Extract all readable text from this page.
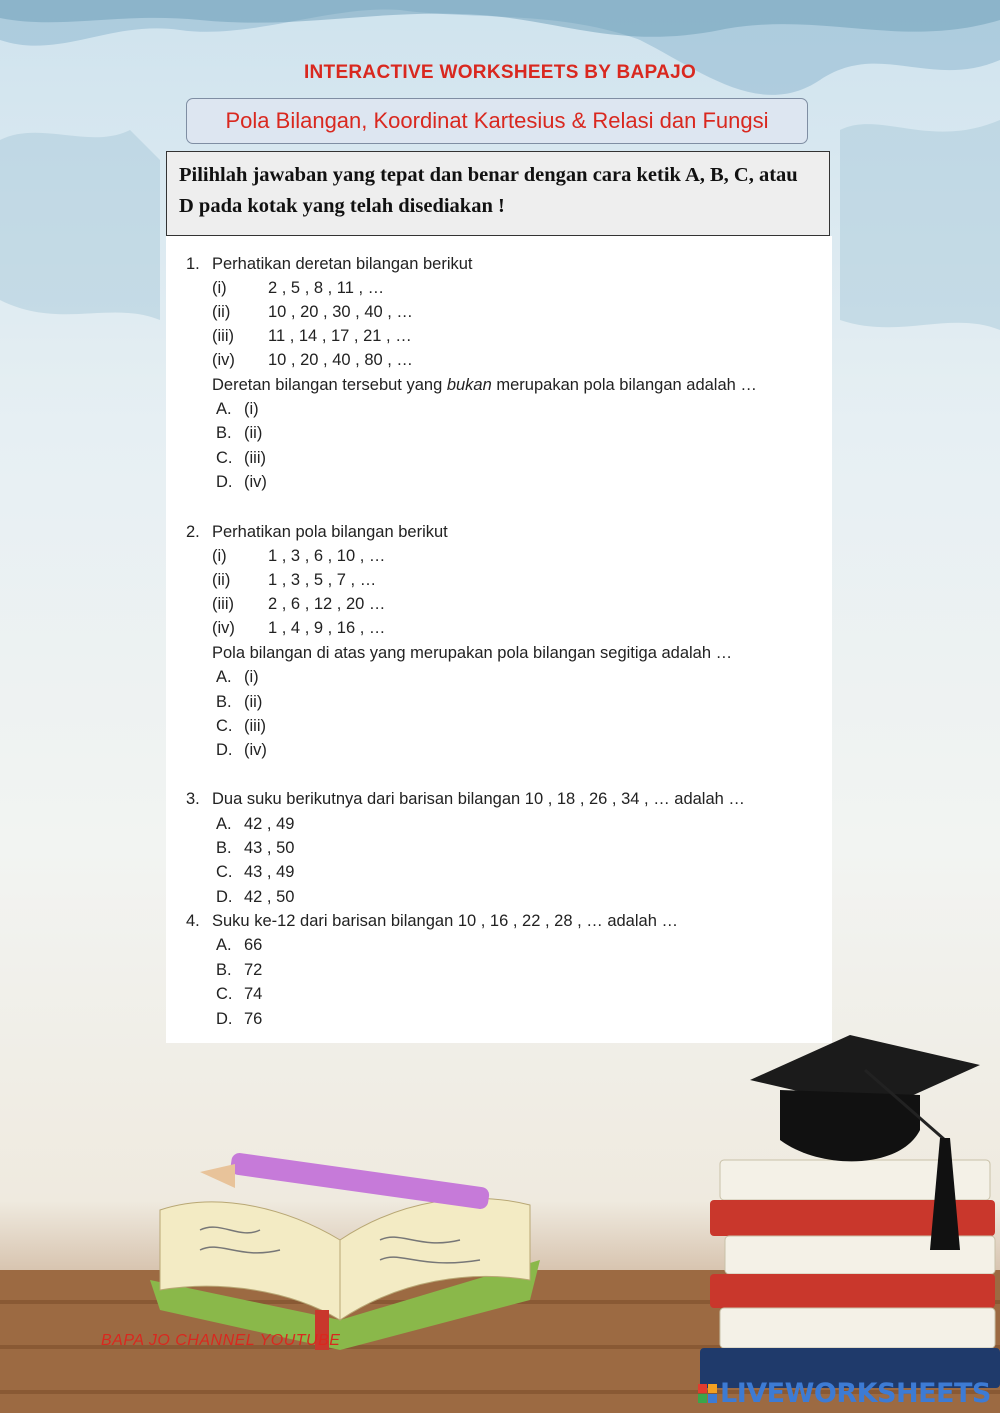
INTERACTIVE WORKSHEETS BY BAPAJO
Pola Bilangan, Koordinat Kartesius & Relasi dan Fungsi
Pilihlah jawaban yang tepat dan benar dengan cara ketik A, B, C, atau D pada kotak yang telah disediakan !
1. Perhatikan deretan bilangan berikut
(i)	2 , 5 , 8 , 11 , …
(ii) 10 , 20 , 30 , 40 , …
(iii) 11 , 14 , 17 , 21 , …
(iv) 10 , 20 , 40 , 80 , …
Deretan bilangan tersebut yang bukan merupakan pola bilangan adalah …
A. (i)
B. (ii)
C. (iii)
D. (iv)
2. Perhatikan pola bilangan berikut
(i)	1 , 3 , 6 , 10 , …
(ii) 1 , 3 , 5 , 7 , …
(iii) 2 , 6 , 12 , 20 …
(iv) 1 , 4 , 9 , 16 , …
Pola bilangan di atas yang merupakan pola bilangan segitiga adalah …
A. (i)
B. (ii)
C. (iii)
D. (iv)
3. Dua suku berikutnya dari barisan bilangan 10 , 18 , 26 , 34 , … adalah …
A. 42 , 49
B. 43 , 50
C. 43 , 49
D. 42 , 50
4. Suku ke-12 dari barisan bilangan 10 , 16 , 22 , 28 , … adalah …
A. 66
B. 72
C. 74
D. 76
BAPA JO CHANNEL YOUTUBE
LIVEWORKSHEETS
